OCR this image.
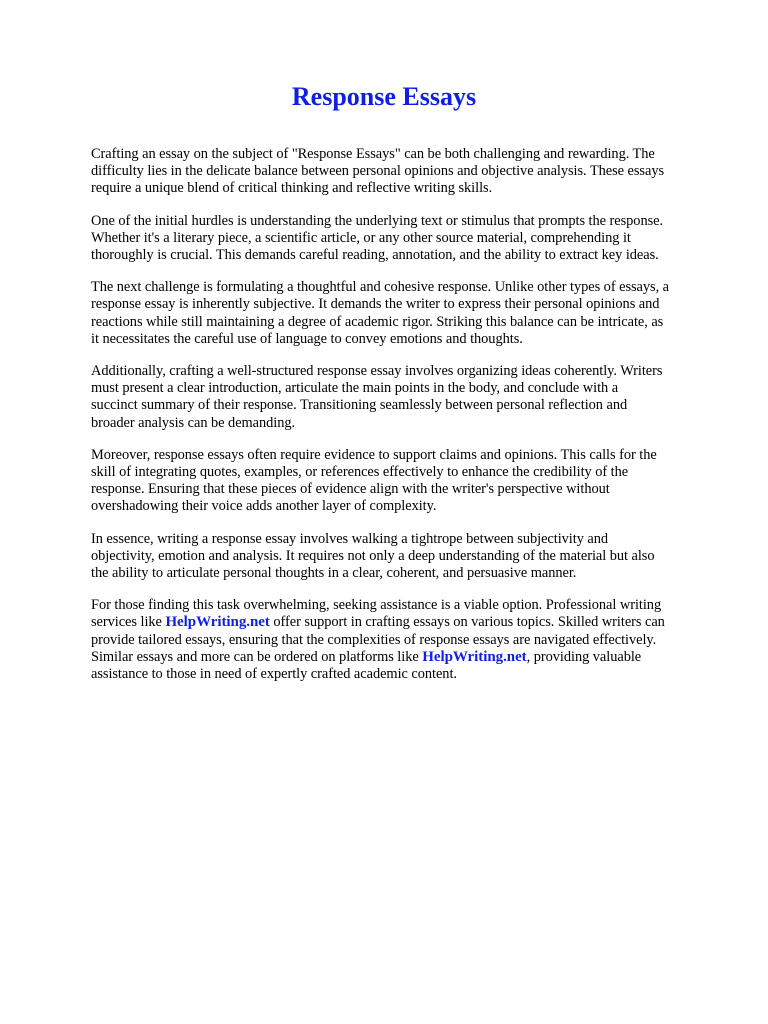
Response Essays

Crafting an essay on the subject of "Response Essays" can be both challenging and rewarding. The
difficulty lies in the delicate balance between personal opinions and objective analysis. These essays
require a unique blend of critical thinking and reflective writing skills.

One of the initial hurdles is understanding the underlying text or stimulus that prompts the response.
Whether it's a literary piece, a scientific article, or any other source material, comprehending it
thoroughly is crucial. This demands careful reading, annotation, and the ability to extract key ideas.

The next challenge is formulating a thoughtful and cohesive response. Unlike other types of essays, a
response essay is inherently subjective. It demands the writer to express their personal opinions and
reactions while still maintaining a degree of academic rigor. Striking this balance can be intricate, as
it necessitates the careful use of language to convey emotions and thoughts.

Additionally, crafting a well-structured response essay involves organizing ideas coherently. Writers
must present a clear introduction, articulate the main points in the body, and conclude with a
succinct summary of their response. Transitioning seamlessly between personal reflection and
broader analysis can be demanding.

Moreover, response essays often require evidence to support claims and opinions. This calls for the
skill of integrating quotes, examples, or references effectively to enhance the credibility of the
response. Ensuring that these pieces of evidence align with the writer's perspective without
overshadowing their voice adds another layer of complexity.

In essence, writing a response essay involves walking a tightrope between subjectivity and
objectivity, emotion and analysis. It requires not only a deep understanding of the material but also
the ability to articulate personal thoughts in a clear, coherent, and persuasive manner.

For those finding this task overwhelming, seeking assistance is a viable option. Professional writing
services like HelpWriting.net offer support in crafting essays on various topics. Skilled writers can
provide tailored essays, ensuring that the complexities of response essays are navigated effectively.
Similar essays and more can be ordered on platforms like HelpWriting.net, providing valuable
assistance to those in need of expertly crafted academic content.
